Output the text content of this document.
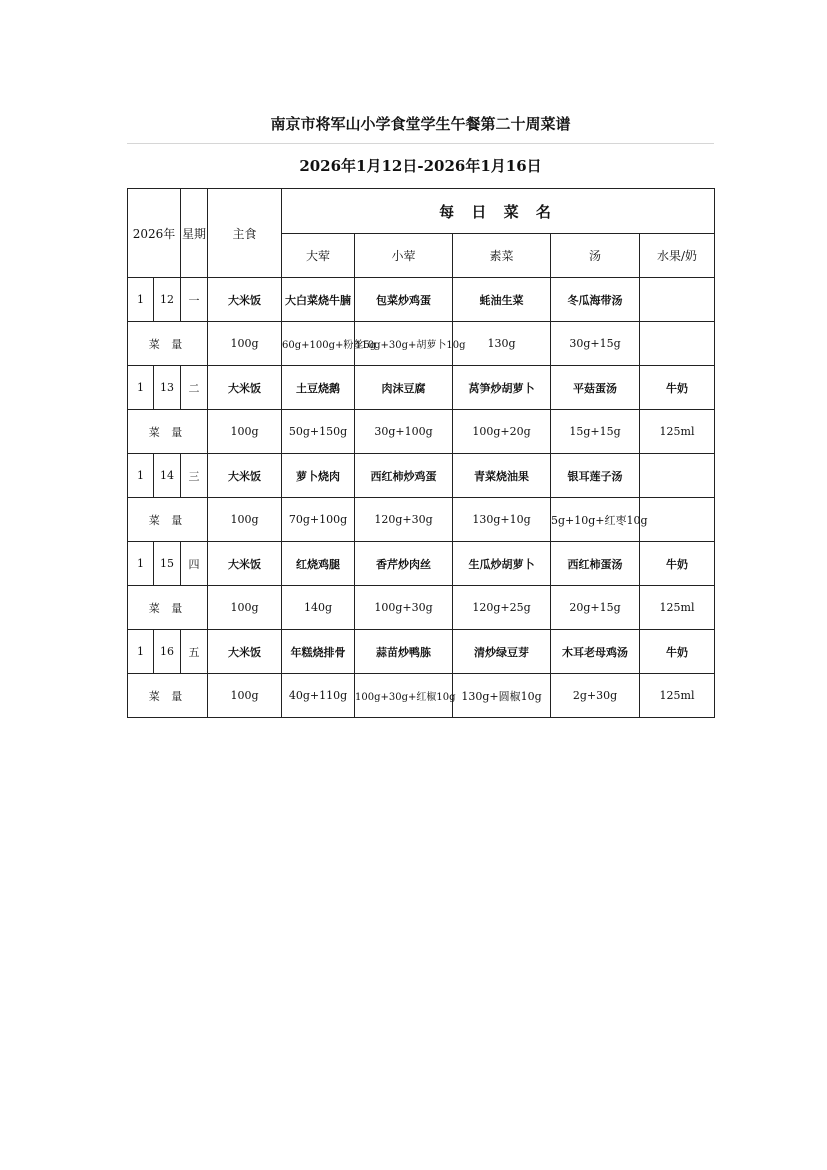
南京市将军山小学食堂学生午餐第二十周菜谱
2026年1月12日-2026年1月16日
2026年		星期	主食	每 日 菜 名				
				大荤	小荤	素菜	汤	水果/奶
1	12	一	大米饭	大白菜烧牛腩	包菜炒鸡蛋	蚝油生菜	冬瓜海带汤	
菜 量			100g	60g+100g+粉丝5g	110g+30g+胡萝卜10g	130g	30g+15g	
1	13	二	大米饭	土豆烧鹅	肉沫豆腐	莴笋炒胡萝卜	平菇蛋汤	牛奶
菜 量			100g	50g+150g	30g+100g	100g+20g	15g+15g	125ml
1	14	三	大米饭	萝卜烧肉	西红柿炒鸡蛋	青菜烧油果	银耳莲子汤	
菜 量			100g	70g+100g	120g+30g	130g+10g	5g+10g+红枣10g	
1	15	四	大米饭	红烧鸡腿	香芹炒肉丝	生瓜炒胡萝卜	西红柿蛋汤	牛奶
菜 量			100g	140g	100g+30g	120g+25g	20g+15g	125ml
1	16	五	大米饭	年糕烧排骨	蒜苗炒鸭胨	清炒绿豆芽	木耳老母鸡汤	牛奶
菜 量			100g	40g+110g	100g+30g+红椒10g	130g+圆椒10g	2g+30g	125ml
